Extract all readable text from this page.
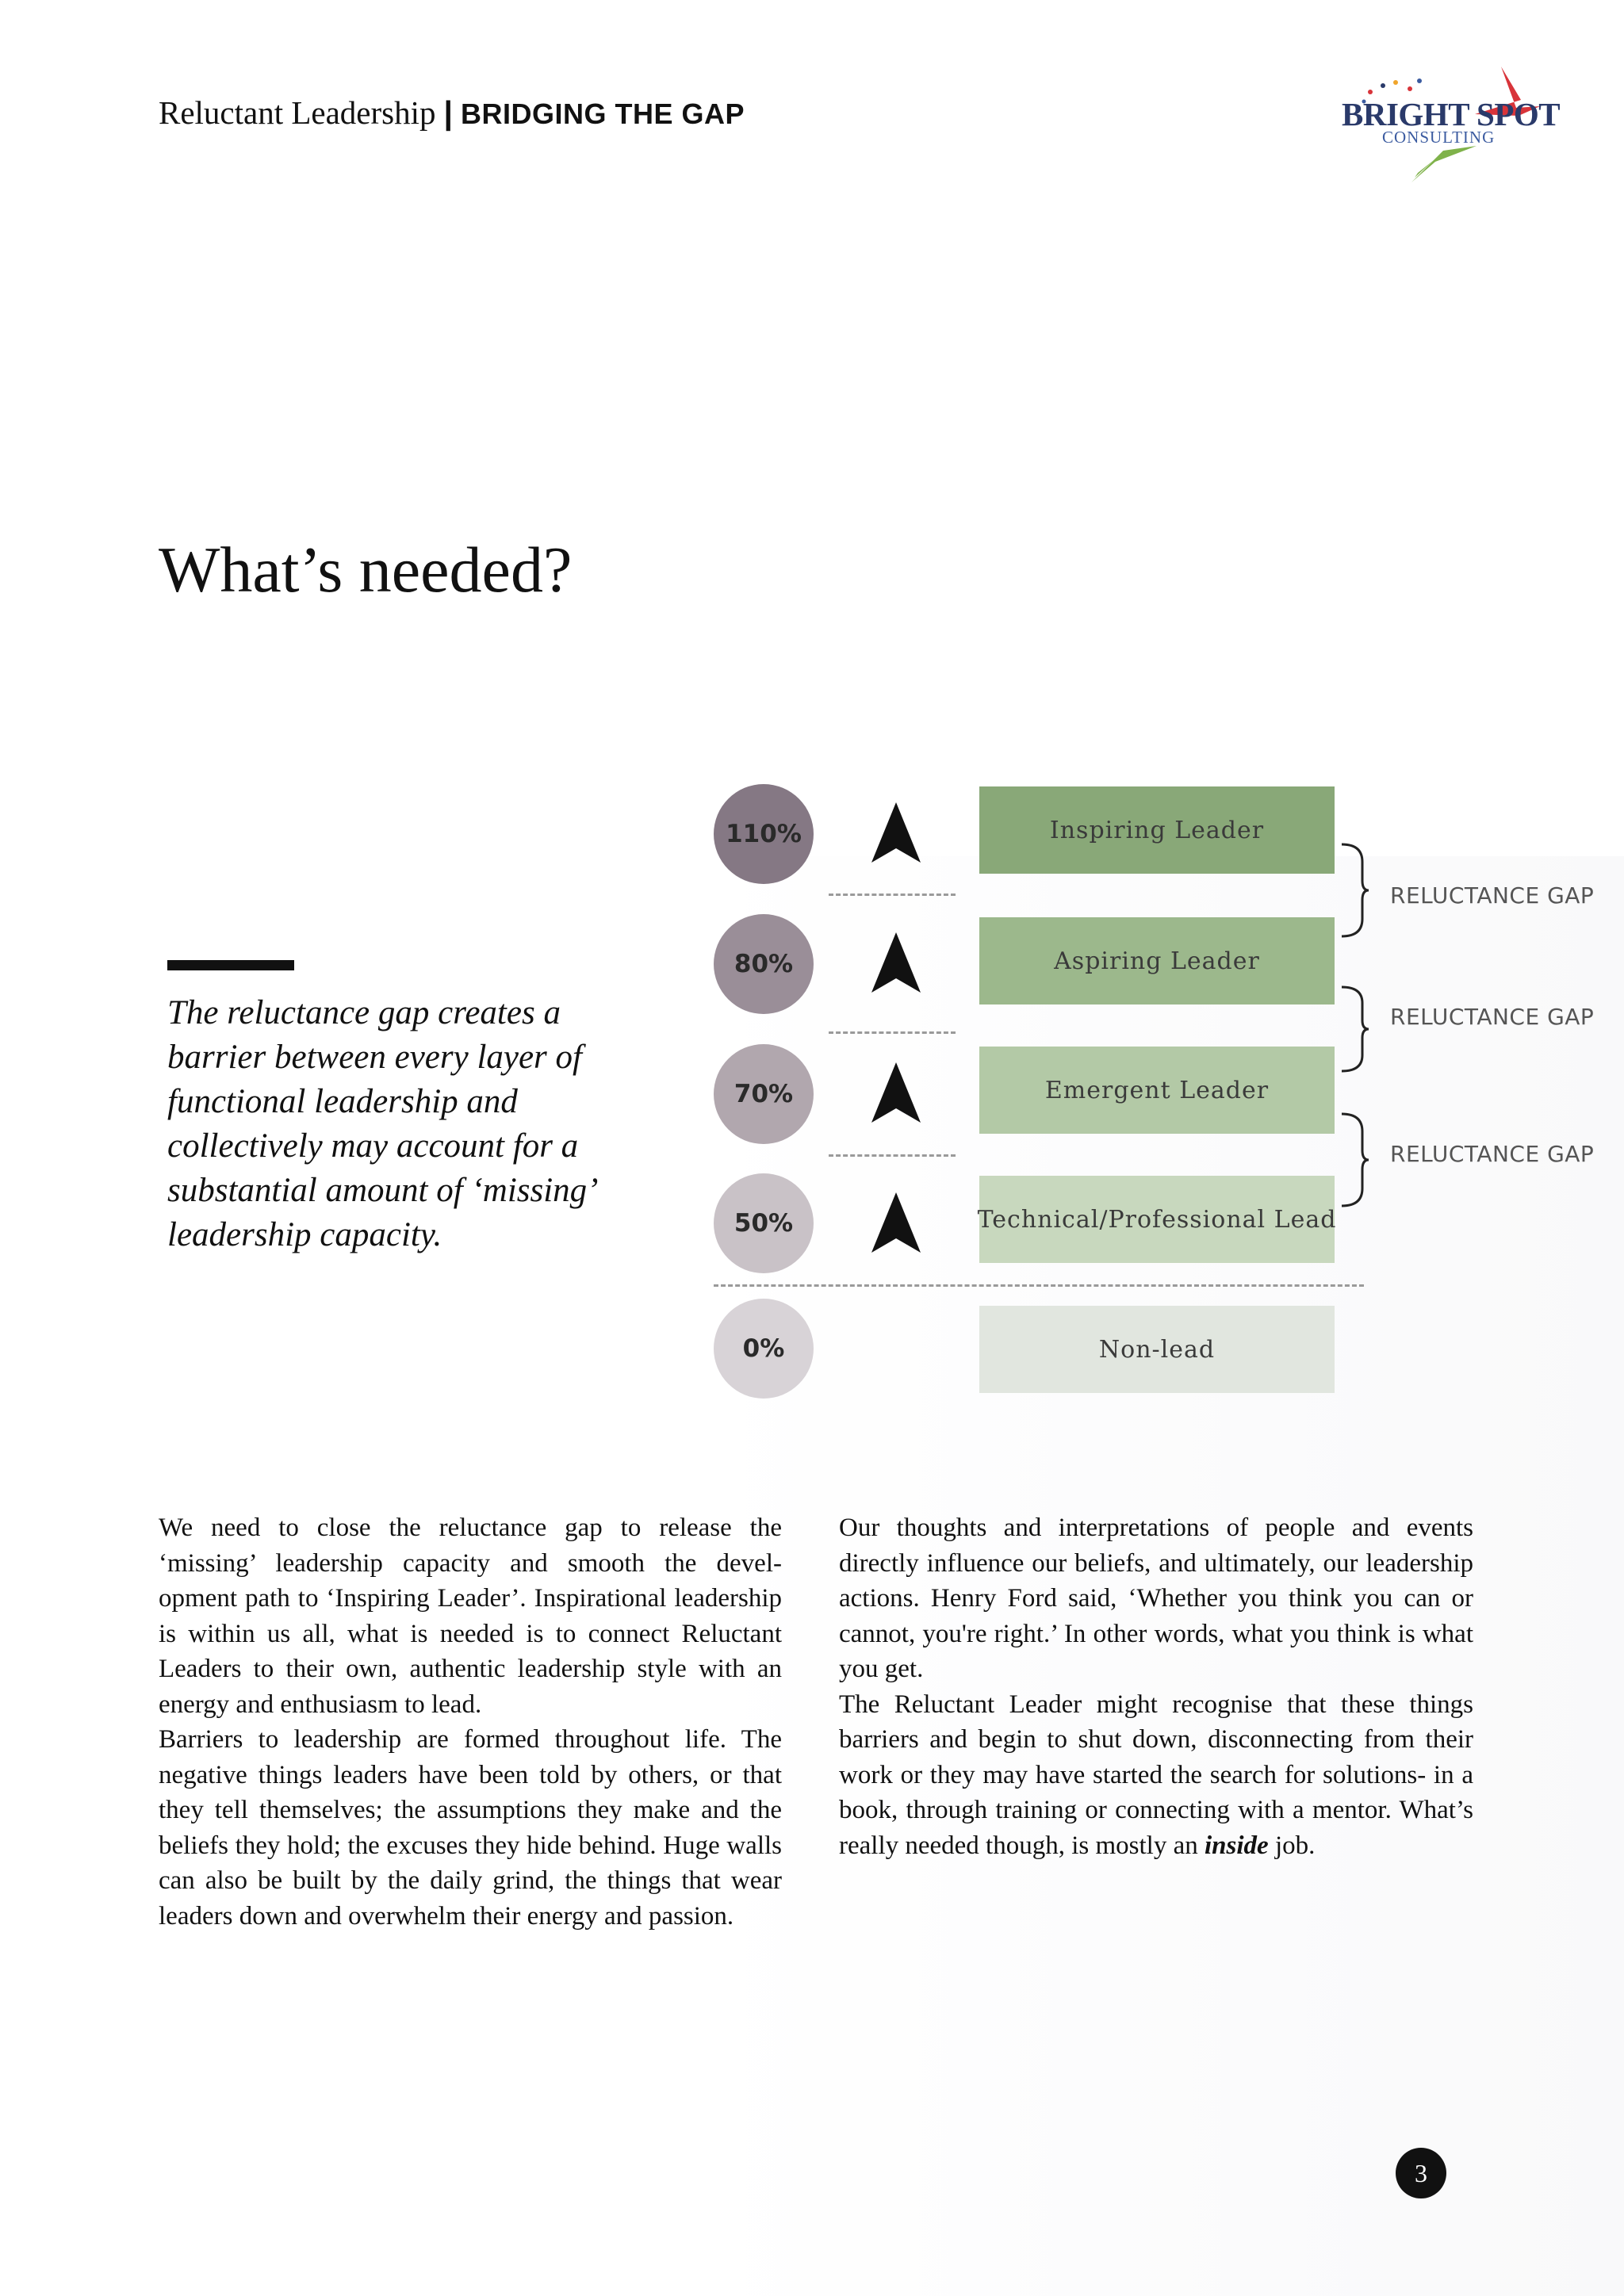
Reluctant Leadership | BRIDGING THE GAP	BRIGHT SPOT
CONSULTING
What’s needed?
The reluctance gap creates a barrier between every layer of functional leadership and collectively may account for a substantial amount of ‘missing’ leadership capacity.
110%	Inspiring Leader
80%	Aspiring Leader
70%	Emergent Leader
50%	Technical/Professional Lead
0%	Non-lead
RELUCTANCE GAP
RELUCTANCE GAP
RELUCTANCE GAP

We need to close the reluctance gap to release the ‘missing’ leadership capacity and smooth the devel- opment path to ‘Inspiring Leader’. Inspirational leadership is within us all, what is needed is to connect Reluctant Leaders to their own, authentic leadership style with an energy and enthusiasm to lead.

Barriers to leadership are formed throughout life. The negative things leaders have been told by others, or that they tell themselves; the assumptions they make and the beliefs they hold; the excuses they hide behind. Huge walls can also be built by the daily grind, the things that wear leaders down and overwhelm their energy and passion.

Our thoughts and interpretations of people and events directly influence our beliefs, and ultimately, our leadership actions. Henry Ford said, ‘Whether you think you can or cannot, you're right.’ In other words, what you think is what you get.

The Reluctant Leader might recognise that these things barriers and begin to shut down, disconnecting from their work or they may have started the search for solutions- in a book, through training or connecting with a mentor. What’s really needed though, is mostly an inside job.

3
